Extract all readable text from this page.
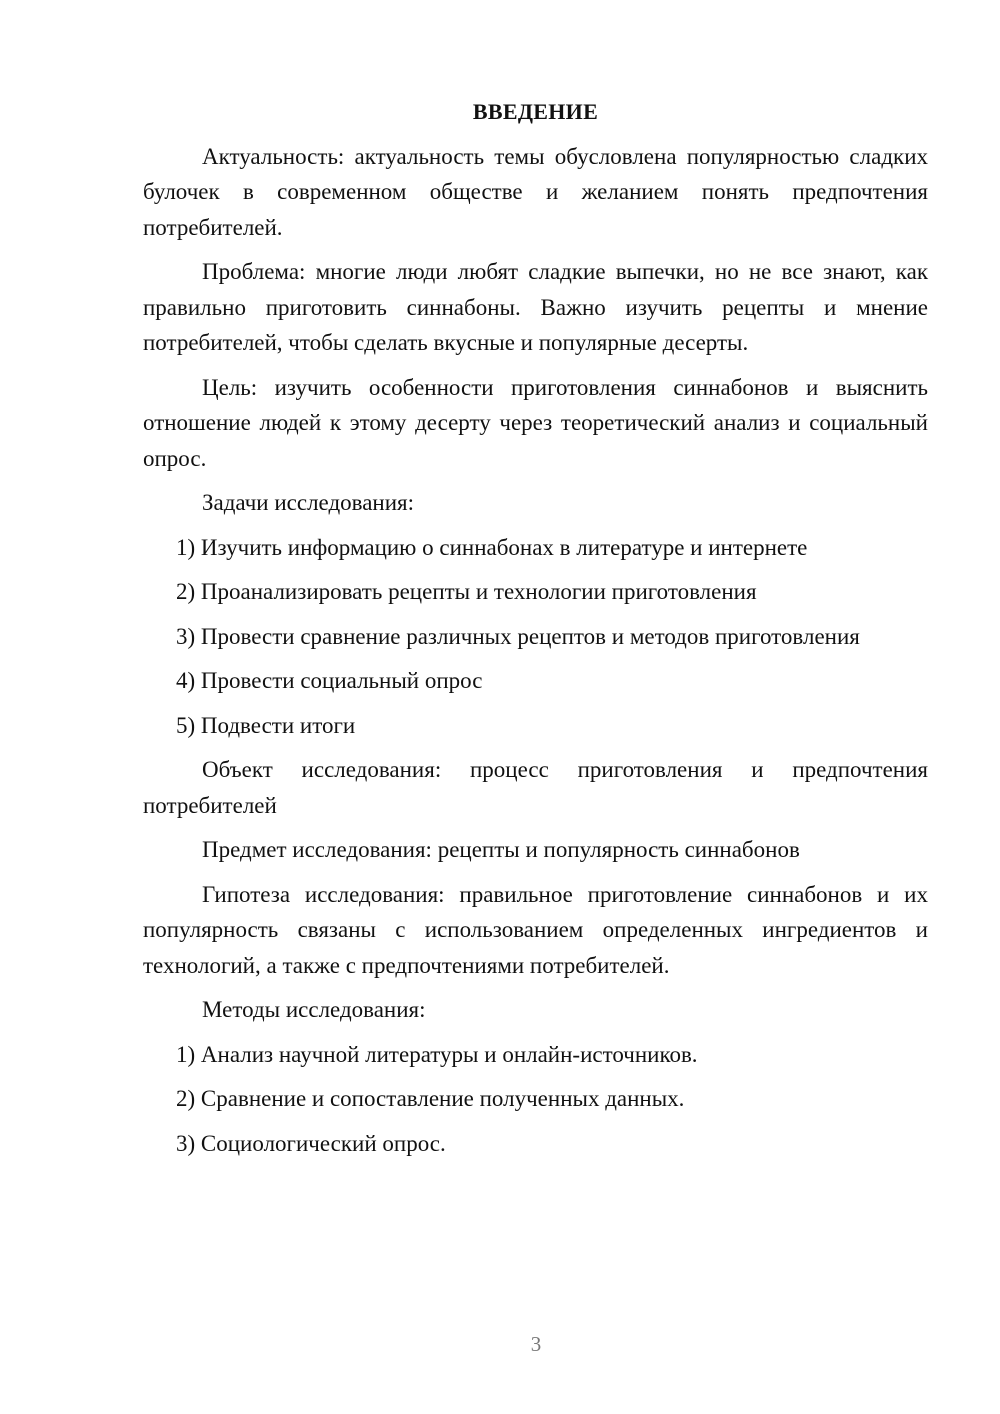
ВВЕДЕНИЕ
Актуальность: актуальность темы обусловлена популярностью сладких булочек в современном обществе и желанием понять предпочтения потребителей.
Проблема: многие люди любят сладкие выпечки, но не все знают, как правильно приготовить синнабоны. Важно изучить рецепты и мнение потребителей, чтобы сделать вкусные и популярные десерты.
Цель: изучить особенности приготовления синнабонов и выяснить отношение людей к этому десерту через теоретический анализ и социальный опрос.
Задачи исследования:
1) Изучить информацию о синнабонах в литературе и интернете
2) Проанализировать рецепты и технологии приготовления
3) Провести сравнение различных рецептов и методов приготовления
4) Провести социальный опрос
5) Подвести итоги
Объект исследования: процесс приготовления и предпочтения потребителей
Предмет исследования: рецепты и популярность синнабонов
Гипотеза исследования: правильное приготовление синнабонов и их популярность связаны с использованием определенных ингредиентов и технологий, а также с предпочтениями потребителей.
Методы исследования:
1) Анализ научной литературы и онлайн-источников.
2) Сравнение и сопоставление полученных данных.
3) Социологический опрос.
3
